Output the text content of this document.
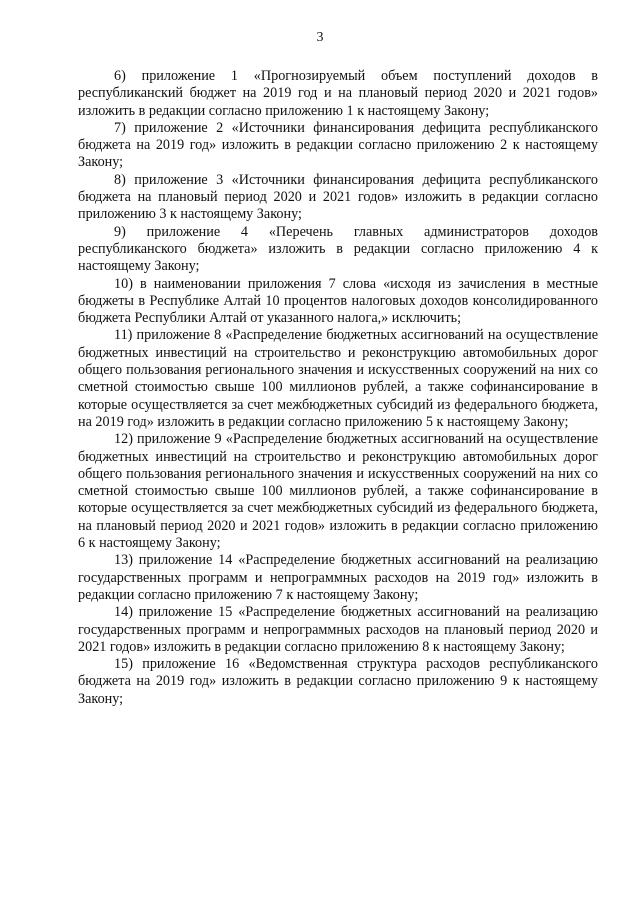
3

6) приложение 1 «Прогнозируемый объем поступлений доходов в республиканский бюджет на 2019 год и на плановый период 2020 и 2021 годов» изложить в редакции согласно приложению 1 к настоящему Закону;

7) приложение 2 «Источники финансирования дефицита республиканского бюджета на 2019 год» изложить в редакции согласно приложению 2 к настоящему Закону;

8) приложение 3 «Источники финансирования дефицита республиканского бюджета на плановый период 2020 и 2021 годов» изложить в редакции согласно приложению 3 к настоящему Закону;

9) приложение 4 «Перечень главных администраторов доходов республиканского бюджета» изложить в редакции согласно приложению 4 к настоящему Закону;

10) в наименовании приложения 7 слова «исходя из зачисления в местные бюджеты в Республике Алтай 10 процентов налоговых доходов консолидированного бюджета Республики Алтай от указанного налога,» исключить;

11) приложение 8 «Распределение бюджетных ассигнований на осуществление бюджетных инвестиций на строительство и реконструкцию автомобильных дорог общего пользования регионального значения и искусственных сооружений на них со сметной стоимостью свыше 100 миллионов рублей, а также софинансирование в которые осуществляется за счет межбюджетных субсидий из федерального бюджета, на 2019 год» изложить в редакции согласно приложению 5 к настоящему Закону;

12) приложение 9 «Распределение бюджетных ассигнований на осуществление бюджетных инвестиций на строительство и реконструкцию автомобильных дорог общего пользования регионального значения и искусственных сооружений на них со сметной стоимостью свыше 100 миллионов рублей, а также софинансирование в которые осуществляется за счет межбюджетных субсидий из федерального бюджета, на плановый период 2020 и 2021 годов» изложить в редакции согласно приложению 6 к настоящему Закону;

13) приложение 14 «Распределение бюджетных ассигнований на реализацию государственных программ и непрограммных расходов на 2019 год» изложить в редакции согласно приложению 7 к настоящему Закону;

14) приложение 15 «Распределение бюджетных ассигнований на реализацию государственных программ и непрограммных расходов на плановый период 2020 и 2021 годов» изложить в редакции согласно приложению 8 к настоящему Закону;

15) приложение 16 «Ведомственная структура расходов республиканского бюджета на 2019 год» изложить в редакции согласно приложению 9 к настоящему Закону;
